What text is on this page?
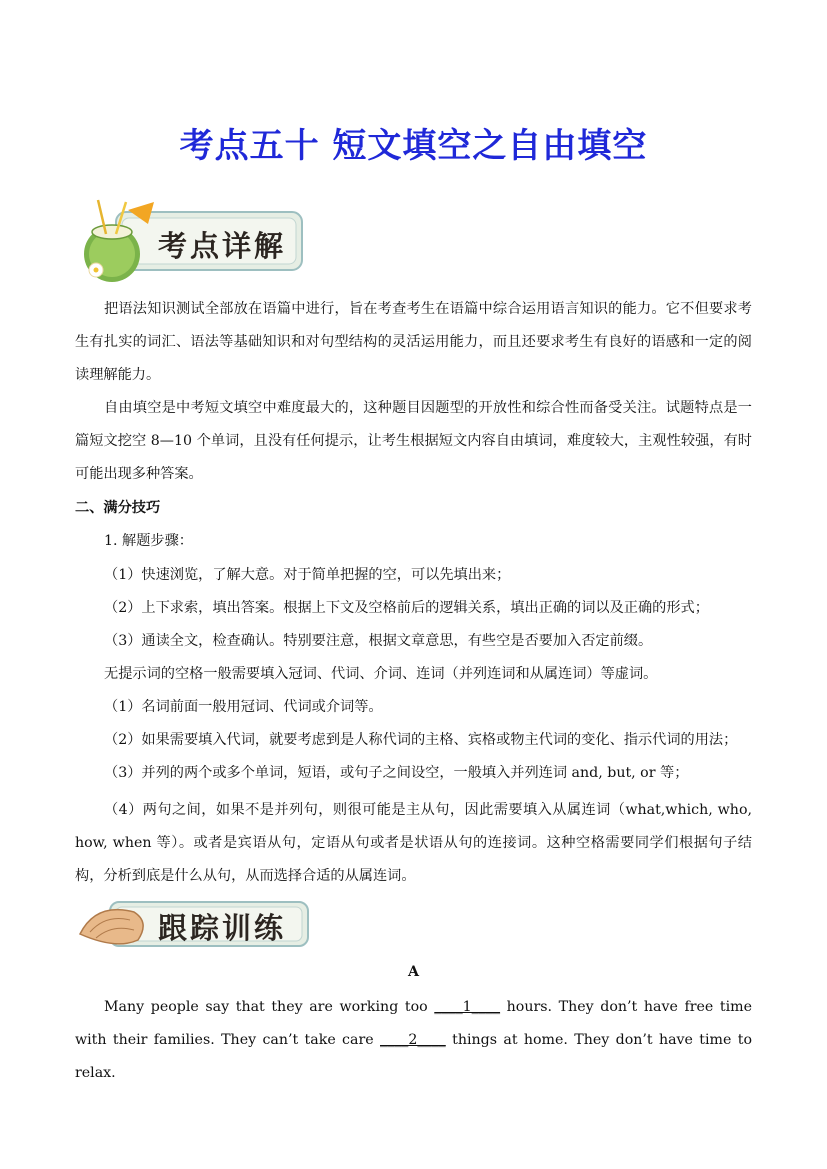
考点五十 短文填空之自由填空
考点详解

把语法知识测试全部放在语篇中进行，旨在考查考生在语篇中综合运用语言知识的能力。它不但要求考生有扎实的词汇、语法等基础知识和对句型结构的灵活运用能力，而且还要求考生有良好的语感和一定的阅读理解能力。

自由填空是中考短文填空中难度最大的，这种题目因题型的开放性和综合性而备受关注。试题特点是一篇短文挖空 8—10 个单词，且没有任何提示，让考生根据短文内容自由填词，难度较大，主观性较强，有时可能出现多种答案。

二、满分技巧
1. 解题步骤：
（1）快速浏览，了解大意。对于简单把握的空，可以先填出来；
（2）上下求索，填出答案。根据上下文及空格前后的逻辑关系，填出正确的词以及正确的形式；
（3）通读全文，检查确认。特别要注意，根据文章意思，有些空是否要加入否定前缀。
无提示词的空格一般需要填入冠词、代词、介词、连词（并列连词和从属连词）等虚词。
（1）名词前面一般用冠词、代词或介词等。
（2）如果需要填入代词，就要考虑到是人称代词的主格、宾格或物主代词的变化、指示代词的用法；
（3）并列的两个或多个单词，短语，或句子之间设空，一般填入并列连词 and, but, or 等；

（4）两句之间，如果不是并列句，则很可能是主从句，因此需要填入从属连词（what,which, who, how, when 等）。或者是宾语从句，定语从句或者是状语从句的连接词。这种空格需要同学们根据句子结构，分析到底是什么从句，从而选择合适的从属连词。

跟踪训练
A

Many people say that they are working too ____1____ hours. They don’t have free time with their families. They can’t take care ____2____ things at home. They don’t have time to relax.
